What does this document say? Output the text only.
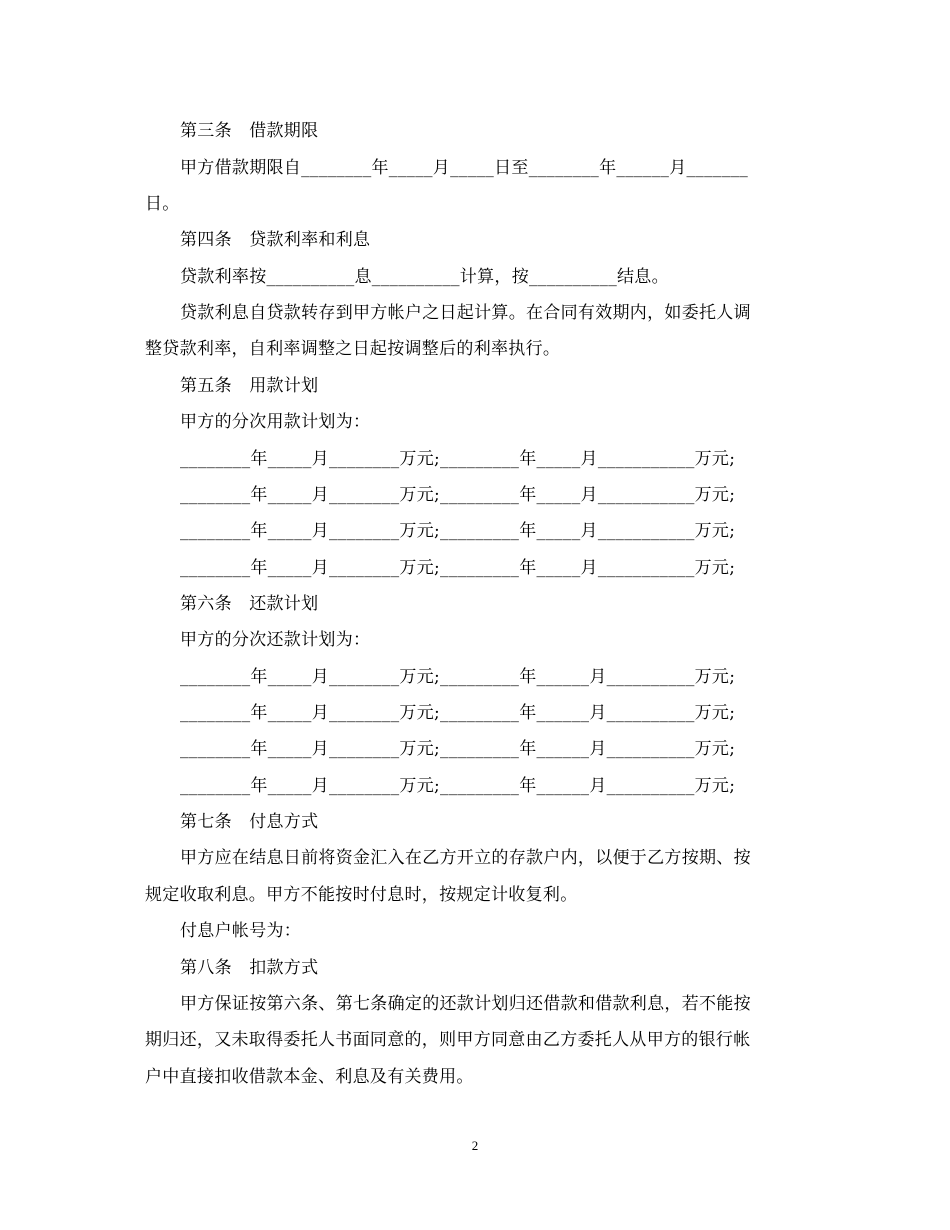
第三条　借款期限
甲方借款期限自________年_____月_____日至________年______月_______
日。
第四条　贷款利率和利息
贷款利率按__________息__________计算，按__________结息。
贷款利息自贷款转存到甲方帐户之日起计算。在合同有效期内，如委托人调
整贷款利率，自利率调整之日起按调整后的利率执行。
第五条　用款计划
甲方的分次用款计划为：
________年_____月________万元;_________年_____月___________万元;
________年_____月________万元;_________年_____月___________万元;
________年_____月________万元;_________年_____月___________万元;
________年_____月________万元;_________年_____月___________万元;
第六条　还款计划
甲方的分次还款计划为：
________年_____月________万元;_________年______月__________万元;
________年_____月________万元;_________年______月__________万元;
________年_____月________万元;_________年______月__________万元;
________年_____月________万元;_________年______月__________万元;
第七条　付息方式
甲方应在结息日前将资金汇入在乙方开立的存款户内，以便于乙方按期、按
规定收取利息。甲方不能按时付息时，按规定计收复利。
付息户帐号为：
第八条　扣款方式
甲方保证按第六条、第七条确定的还款计划归还借款和借款利息，若不能按
期归还，又未取得委托人书面同意的，则甲方同意由乙方委托人从甲方的银行帐
户中直接扣收借款本金、利息及有关费用。
2
